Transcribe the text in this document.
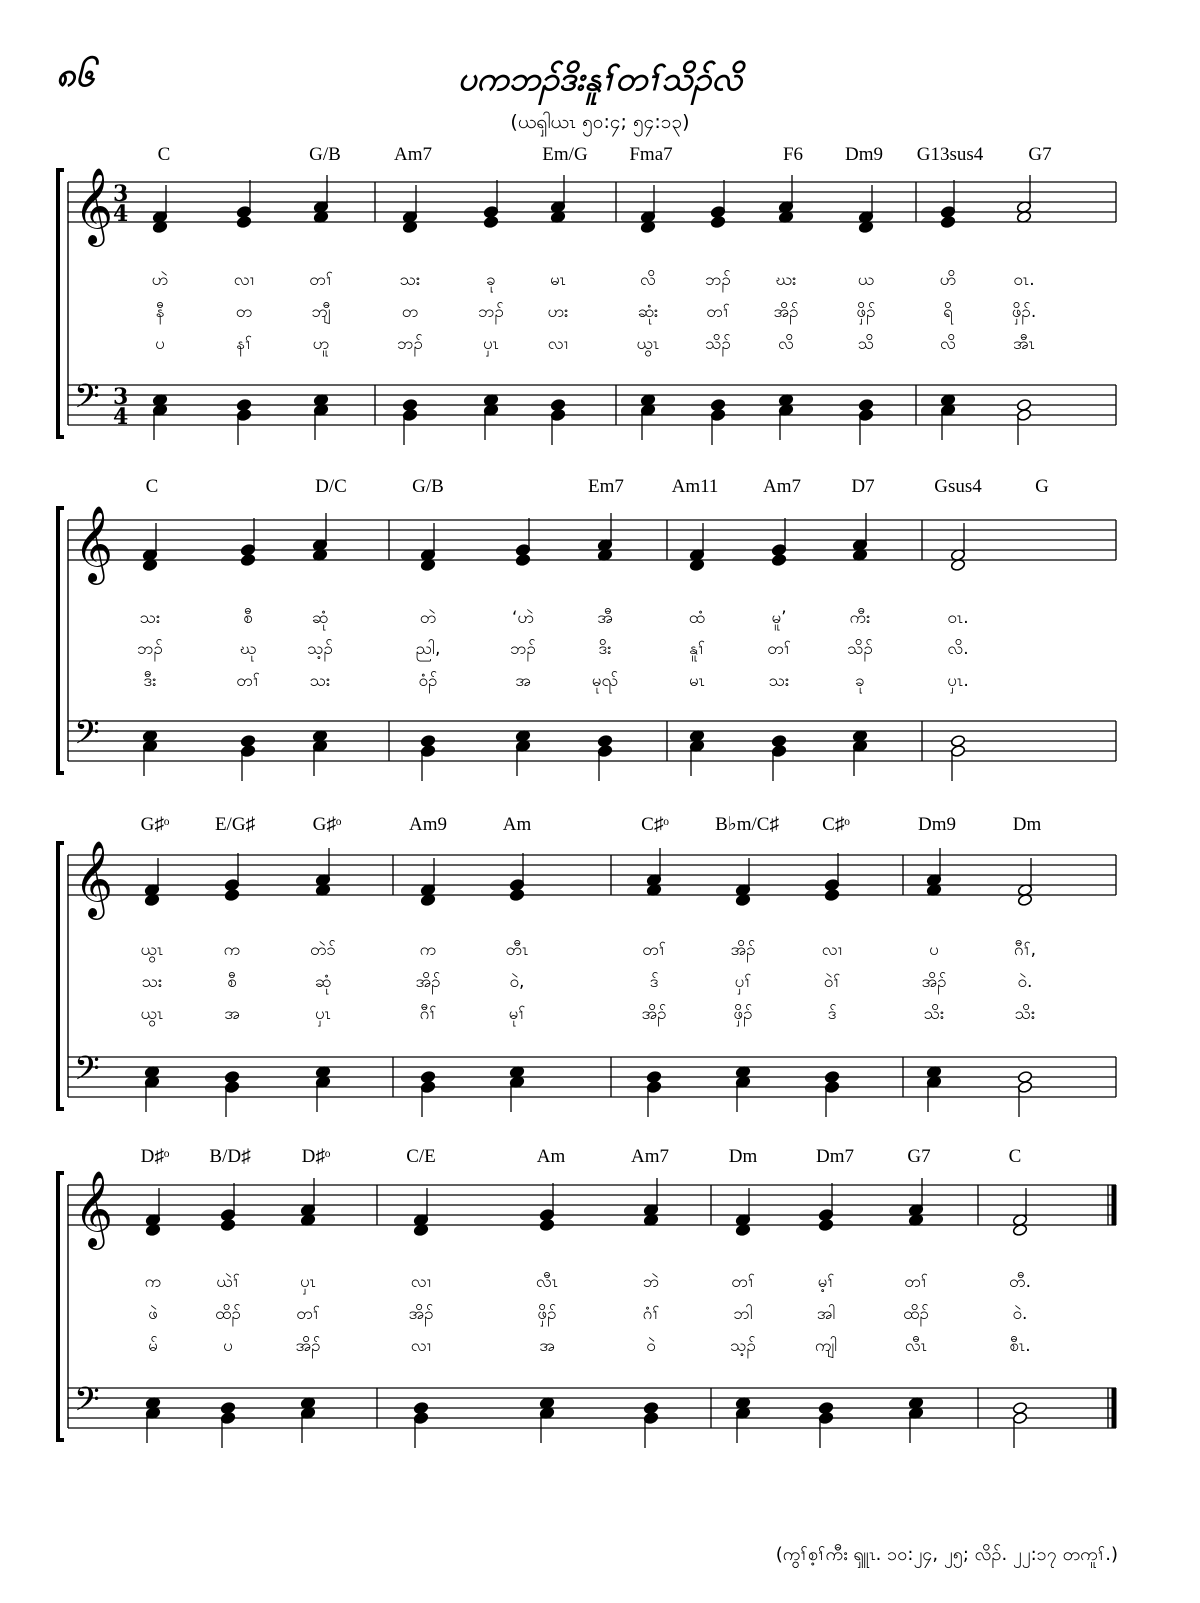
၈၆	ပကဘၣ်ဒိးနူၢ်တၢ်သိၣ်လိ
(ယၡါယၤ ၅၀:၄; ၅၄:၁၃)
(ကွၢ်စ့ၢ်ကီး ၡူၤ. ၁၀:၂၄, ၂၅; လိၣ်. ၂၂:၁၇ တကူၢ်.)
𝄞 3
4
𝄢 3
4
C	G/B	Am7	Em/G Fma7	F6 Dm9 G13sus4 G7
ဟဲ	လၢ	တၢ်	သး	ခု	မၤ	လိ	ဘၣ်	ဃး	ယ	ဟိ	ဝၤ.
နီ	တ	ဘျီ	တ	ဘၣ်	ဟး	ဆုံး	တၢ်	အိၣ်	ဖှိၣ်	ရိ	ဖှိၣ်.
ပ	နၢ်	ဟူ	ဘၣ်	ပှၤ	လၢ	ယွၤ	သိၣ်	လိ	သိ	လိ	အီၤ
𝄞
𝄢
C	D/C	G/B	Em7	Am11 Am7	D7	Gsus4	G
သး	စီ	ဆုံ	တဲ	‘ဟဲ	အီ	ထံ	မူ’	ကီး	ဝၤ.
ဘၣ်	ဃု	သ့ၣ်	ညါ,	ဘၣ်	ဒိး	နူၢ်	တၢ်	သိၣ်	လိ.
ဒီး	တၢ်	သး	ဝံၣ်	အ	မုၺ်	မၤ	သး	ခု	ပှၤ.
𝄞
𝄢
G♯ᵒ E/G♯	G♯ᵒ	Am9	Am	C♯ᵒ B♭m/C♯ C♯ᵒ	Dm9	Dm
ယွၤ	က	တဲၥ်	က	တီၤ	တၢ်	အိၣ်	လၢ	ပ	ဂီၢ်,
သး	စီ	ဆုံ	အိၣ်	ဝဲ,	ဒ်	ပှၢ်	ဝဲၢ်	အိၣ်	ဝဲ.
ယွၤ	အ	ပှၤ	ဂီၢ်	မုၢ်	အိၣ်	ဖှိၣ်	ဒ်	သိး	သိး
𝄞
𝄢
D♯ᵒ B/D♯	D♯ᵒ	C/E	Am	Am7	Dm	Dm7	G7	C
က	ယဲၢ်	ပှၤ	လၢ	လီၤ	ဘဲ	တၢ်	မ့ၢ်	တၢ်	တီ.
ဖဲ	ထိၣ်	တၢ်	အိၣ်	ဖှိၣ်	ဂံၢ်	ဘါ	အါ	ထိၣ်	ဝဲ.
မ်	ပ	အိၣ်	လၢ	အ	ဝဲ	သ့ၣ်	ကျါ	လီၤ	စီၤ.
